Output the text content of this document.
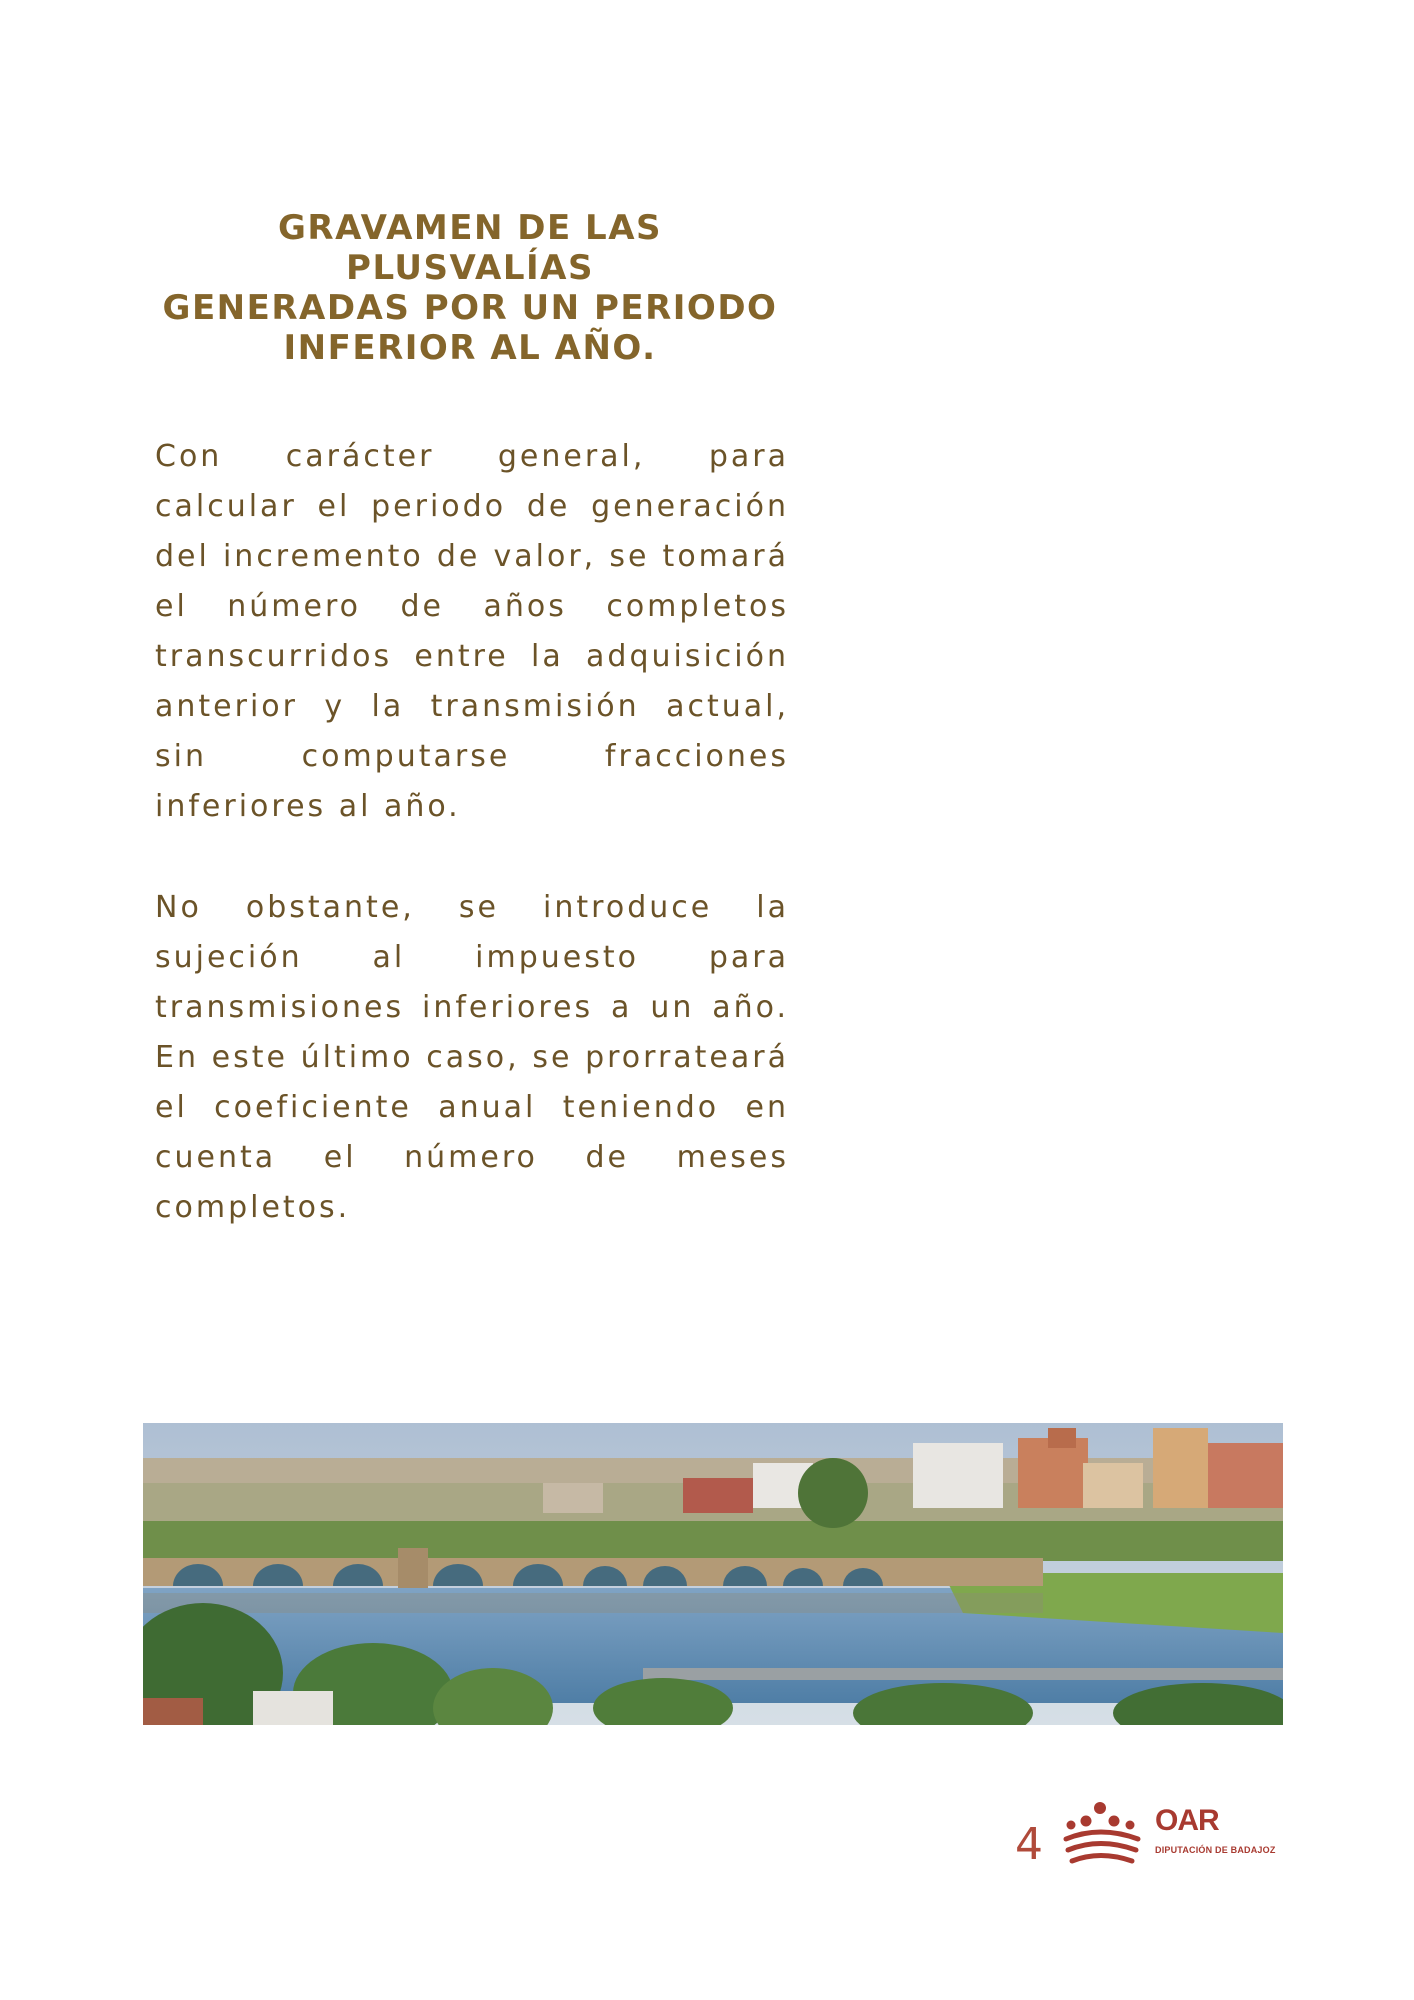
GRAVAMEN DE LAS PLUSVALÍAS
GENERADAS POR UN PERIODO
INFERIOR AL AÑO.

Con carácter general, para calcular el periodo de generación del incremento de valor, se tomará el número de años completos transcurridos entre la adquisición anterior y la transmisión actual, sin computarse fracciones inferiores al año.

No obstante, se introduce la sujeción al impuesto para transmisiones inferiores a un año. En este último caso, se prorrateará el coeficiente anual teniendo en cuenta el número de meses completos.

4	OAR
DIPUTACIÓN DE BADAJOZ
